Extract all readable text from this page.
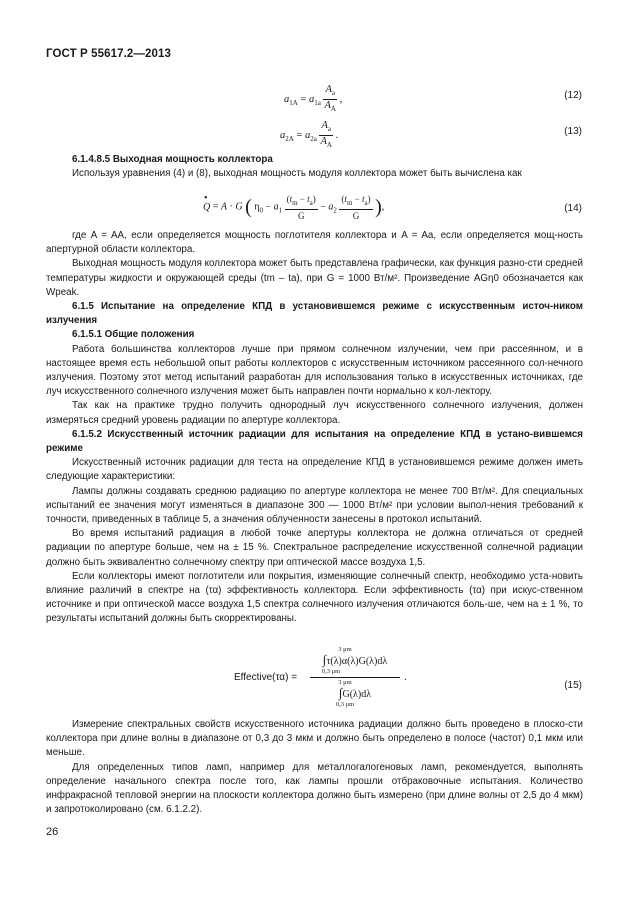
ГОСТ Р 55617.2—2013
$a_{1A} = a_{1a} \frac{A_a}{A_A}$ ,	(12)
$a_{2A} = a_{2a} \frac{A_a}{A_A}$ .	(13)

6.1.4.8.5 Выходная мощность коллектора

Используя уравнения (4) и (8), выходная мощность модуля коллектора может быть вычислена как

•
Q = A · G ( $\eta_0 - a_1 \frac{(t_m - t_a)}{G} - a_2 \frac{(t_m - t_a)}{G}$ ),	(14)

где A = AA, если определяется мощность поглотителя коллектора и A = Aa, если определяется мощ-ность апертурной области коллектора.

Выходная мощность модуля коллектора может быть представлена графически, как функция разно-сти средней температуры жидкости и окружающей среды (tm – ta), при G = 1000 Вт/м². Произведение AGη0 обозначается как Wpeak.

6.1.5 Испытание на определение КПД в установившемся режиме с искусственным источ-ником излучения

6.1.5.1 Общие положения

Работа большинства коллекторов лучше при прямом солнечном излучении, чем при рассеянном, и в настоящее время есть небольшой опыт работы коллекторов с искусственным источником рассеянного сол-нечного излучения. Поэтому этот метод испытаний разработан для использования только в искусственных источниках, где луч искусственного солнечного излучения может быть направлен почти нормально к кол-лектору.

Так как на практике трудно получить однородный луч искусственного солнечного излучения, должен измеряться средний уровень радиации по апертуре коллектора.

6.1.5.2 Искусственный источник радиации для испытания на определение КПД в устано-вившемся режиме

Искусственный источник радиации для теста на определение КПД в установившемся режиме должен иметь следующие характеристики:

Лампы должны создавать среднюю радиацию по апертуре коллектора не менее 700 Вт/м². Для специальных испытаний ее значения могут изменяться в диапазоне 300 — 1000 Вт/м² при условии выпол-нения требований к точности, приведенных в таблице 5, а значения облученности занесены в протокол испытаний.

Во время испытаний радиация в любой точке апертуры коллектора не должна отличаться от средней радиации по апертуре больше, чем на ± 15 %. Спектральное распределение искусственной солнечной радиации должно быть эквивалентно солнечному спектру при оптической массе воздуха 1,5.

Если коллекторы имеют поглотители или покрытия, изменяющие солнечный спектр, необходимо уста-новить влияние различий в спектре на (τα) эффективность коллектора. Если эффективность (τα) при искус-ственном источнике и при оптической массе воздуха 1,5 спектра солнечного излучения отличаются боль-ше, чем на ± 1 %, то результаты испытаний должны быть скорректированы.

Effective(τα) =
3 μm
∫τ(λ)α(λ)G(λ)dλ
0,3 μm
3 μm
∫G(λ)dλ
0,3 μm
.
(15)

Измерение спектральных свойств искусственного источника радиации должно быть проведено в плоско-сти коллектора при длине волны в диапазоне от 0,3 до 3 мкм и должно быть определено в полосе (частот) 0,1 мкм или меньше.

Для определенных типов ламп, например для металлогалогеновых ламп, рекомендуется, выполнять определение начального спектра после того, как лампы прошли отбраковочные испытания. Количество инфракрасной тепловой энергии на плоскости коллектора должно быть измерено (при длине волны от 2,5 до 4 мкм) и запротоколировано (см. 6.1.2.2).

26
